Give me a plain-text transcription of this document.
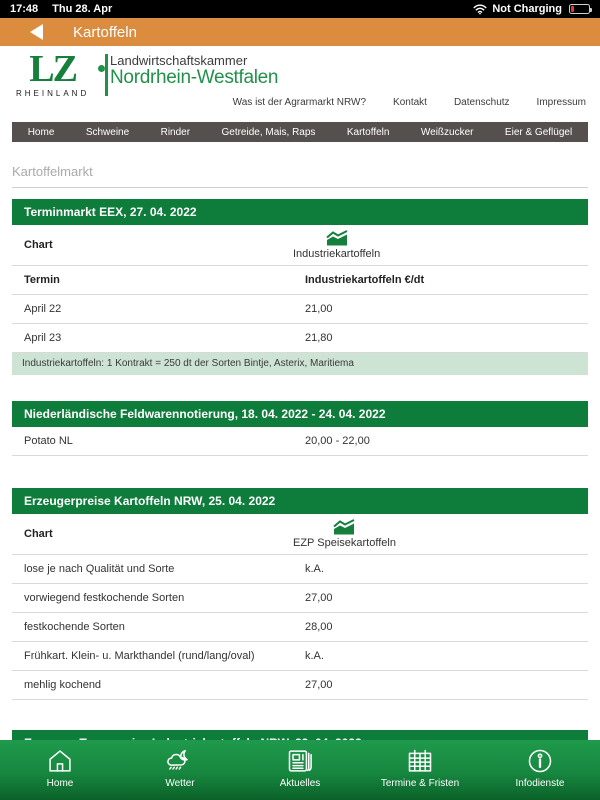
17:48 Thu 28. Apr	Not Charging
Kartoffeln
LZ
RHEINLAND
Landwirtschaftskammer
Nordrhein-Westfalen
Was ist der Agrarmarkt NRW?	Kontakt	Datenschutz	Impressum
Home	Schweine	Rinder	Getreide, Mais, Raps	Kartoffeln	Weißzucker	Eier & Geflügel
Kartoffelmarkt
Terminmarkt EEX, 27. 04. 2022
Chart
Industriekartoffeln
Termin	Industriekartoffeln €/dt
April 22	21,00
April 23	21,80
Industriekartoffeln: 1 Kontrakt = 250 dt der Sorten Bintje, Asterix, Maritiema
Niederländische Feldwarennotierung, 18. 04. 2022 - 24. 04. 2022
Potato NL	20,00 - 22,00
Erzeugerpreise Kartoffeln NRW, 25. 04. 2022
Chart
EZP Speisekartoffeln
lose je nach Qualität und Sorte	k.A.
vorwiegend festkochende Sorten	27,00
festkochende Sorten	28,00
Frühkart. Klein- u. Markthandel (rund/lang/oval)	k.A.
mehlig kochend	27,00
Home	Wetter	Aktuelles	Termine & Fristen	Infodienste
